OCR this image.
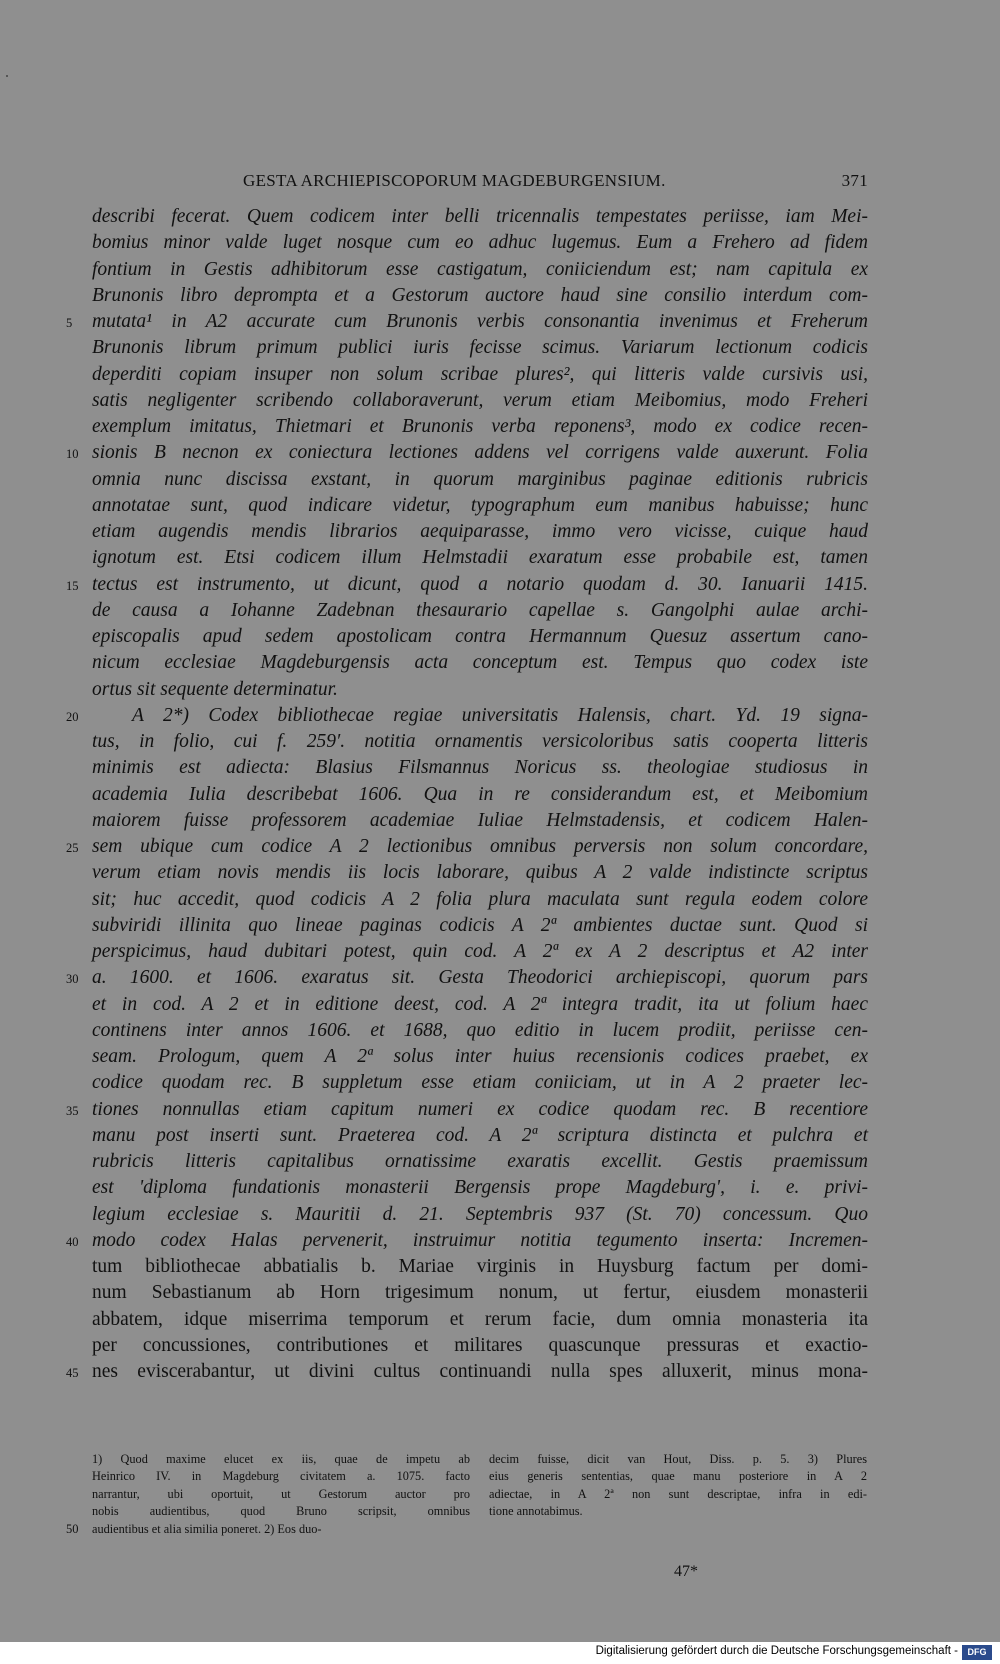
GESTA ARCHIEPISCOPORUM MAGDEBURGENSIUM.	371
describi fecerat. Quem codicem inter belli tricennalis tempestates periisse, iam Mei-
bomius minor valde luget nosque cum eo adhuc lugemus. Eum a Frehero ad fidem
fontium in Gestis adhibitorum esse castigatum, coniiciendum est; nam capitula ex
Brunonis libro deprompta et a Gestorum auctore haud sine consilio interdum com-
mutata¹ in A2 accurate cum Brunonis verbis consonantia invenimus et Freherum
5
Brunonis librum primum publici iuris fecisse scimus. Variarum lectionum codicis
deperditi copiam insuper non solum scribae plures², qui litteris valde cursivis usi,
satis negligenter scribendo collaboraverunt, verum etiam Meibomius, modo Freheri
exemplum imitatus, Thietmari et Brunonis verba reponens³, modo ex codice recen-
sionis B necnon ex coniectura lectiones addens vel corrigens valde auxerunt. Folia
10
omnia nunc discissa exstant, in quorum marginibus paginae editionis rubricis
annotatae sunt, quod indicare videtur, typographum eum manibus habuisse; hunc
etiam augendis mendis librarios aequiparasse, immo vero vicisse, cuique haud
ignotum est. Etsi codicem illum Helmstadii exaratum esse probabile est, tamen
tectus est instrumento, ut dicunt, quod a notario quodam d. 30. Ianuarii 1415.
15
de causa a Iohanne Zadebnan thesaurario capellae s. Gangolphi aulae archi-
episcopalis apud sedem apostolicam contra Hermannum Quesuz assertum cano-
nicum ecclesiae Magdeburgensis acta conceptum est. Tempus quo codex iste
ortus sit sequente determinatur.
A 2*) Codex bibliothecae regiae universitatis Halensis, chart. Yd. 19 signa-
20
tus, in folio, cui f. 259′. notitia ornamentis versicoloribus satis cooperta litteris
minimis est adiecta: Blasius Filsmannus Noricus ss. theologiae studiosus in
academia Iulia describebat 1606. Qua in re considerandum est, et Meibomium
maiorem fuisse professorem academiae Iuliae Helmstadensis, et codicem Halen-
sem ubique cum codice A 2 lectionibus omnibus perversis non solum concordare,
25
verum etiam novis mendis iis locis laborare, quibus A 2 valde indistincte scriptus
sit; huc accedit, quod codicis A 2 folia plura maculata sunt regula eodem colore
subviridi illinita quo lineae paginas codicis A 2ª ambientes ductae sunt. Quod si
perspicimus, haud dubitari potest, quin cod. A 2ª ex A 2 descriptus et A2 inter
a. 1600. et 1606. exaratus sit. Gesta Theodorici archiepiscopi, quorum pars
30
et in cod. A 2 et in editione deest, cod. A 2ª integra tradit, ita ut folium haec
continens inter annos 1606. et 1688, quo editio in lucem prodiit, periisse cen-
seam. Prologum, quem A 2ª solus inter huius recensionis codices praebet, ex
codice quodam rec. B suppletum esse etiam coniiciam, ut in A 2 praeter lec-
tiones nonnullas etiam capitum numeri ex codice quodam rec. B recentiore
35
manu post inserti sunt. Praeterea cod. A 2ª scriptura distincta et pulchra et
rubricis litteris capitalibus ornatissime exaratis excellit. Gestis praemissum
est 'diploma fundationis monasterii Bergensis prope Magdeburg', i. e. privi-
legium ecclesiae s. Mauritii d. 21. Septembris 937 (St. 70) concessum. Quo
modo codex Halas pervenerit, instruimur notitia tegumento inserta: Incremen-
40
tum bibliothecae abbatialis b. Mariae virginis in Huysburg factum per domi-
num Sebastianum ab Horn trigesimum nonum, ut fertur, eiusdem monasterii
abbatem, idque miserrima temporum et rerum facie, dum omnia monasteria ita
per concussiones, contributiones et militares quascunque pressuras et exactio-
nes eviscerabantur, ut divini cultus continuandi nulla spes alluxerit, minus mona-
45
1) Quod maxime elucet ex iis, quae de impetu ab
Heinrico IV. in Magdeburg civitatem a. 1075. facto
narrantur, ubi oportuit, ut Gestorum auctor pro
nobis audientibus, quod Bruno scripsit, omnibus
audientibus et alia similia poneret. 2) Eos duo-
50
decim fuisse, dicit van Hout, Diss. p. 5. 3) Plures
eius generis sententias, quae manu posteriore in A 2
adiectae, in A 2ª non sunt descriptae, infra in edi-
tione annotabimus.
47*
Digitalisierung gefördert durch die Deutsche Forschungsgemeinschaft -	DFG
